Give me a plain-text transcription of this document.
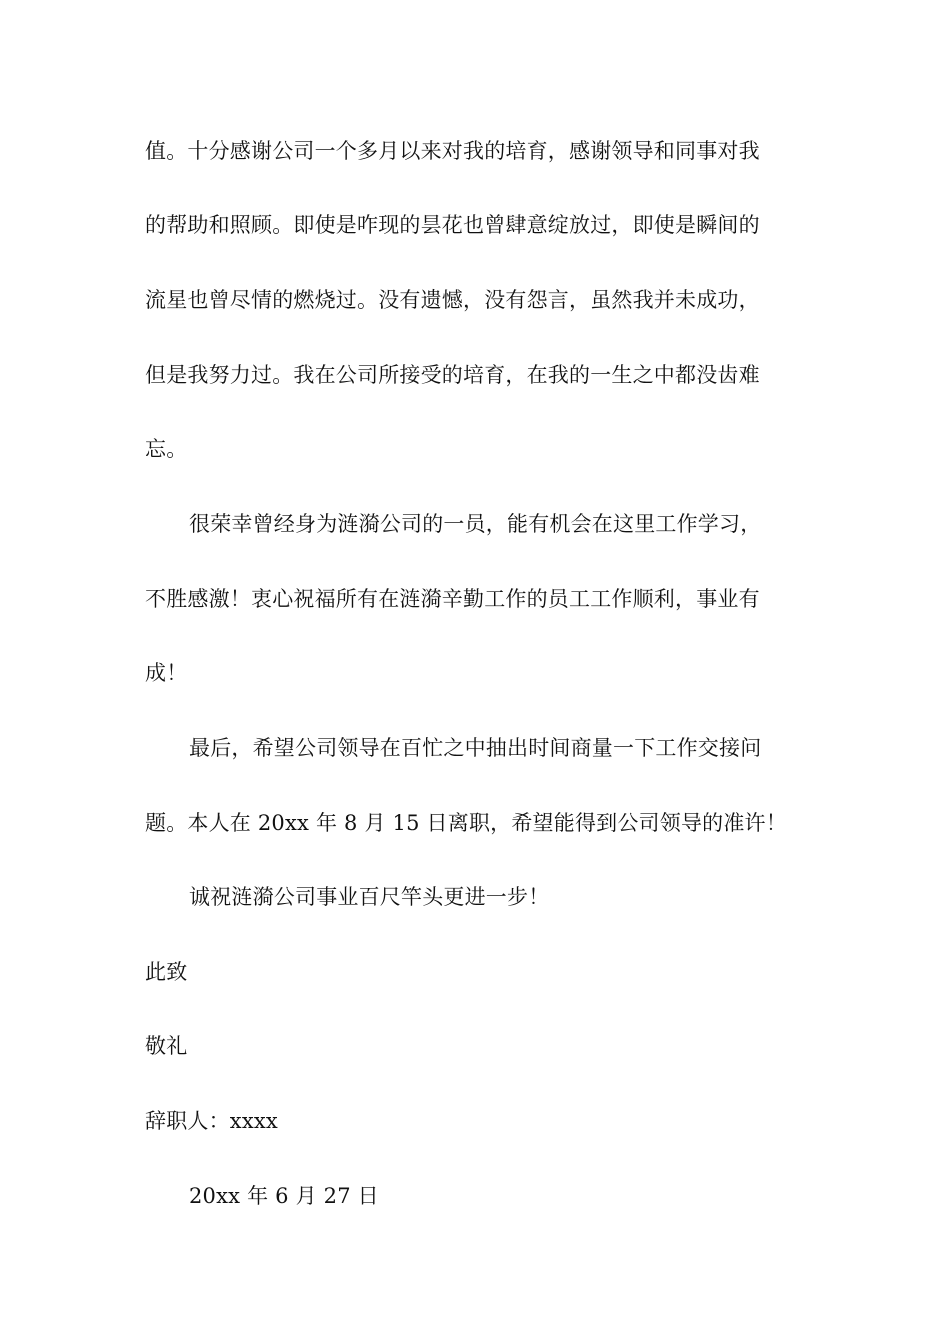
值。十分感谢公司一个多月以来对我的培育，感谢领导和同事对我
的帮助和照顾。即使是咋现的昙花也曾肆意绽放过，即使是瞬间的
流星也曾尽情的燃烧过。没有遗憾，没有怨言，虽然我并未成功，
但是我努力过。我在公司所接受的培育，在我的一生之中都没齿难
忘。
很荣幸曾经身为涟漪公司的一员，能有机会在这里工作学习，
不胜感激！衷心祝福所有在涟漪辛勤工作的员工工作顺利，事业有
成！
最后，希望公司领导在百忙之中抽出时间商量一下工作交接问
题。本人在 20xx 年 8 月 15 日离职，希望能得到公司领导的准许！
诚祝涟漪公司事业百尺竿头更进一步！
此致
敬礼
辞职人：xxxx
20xx 年 6 月 27 日
